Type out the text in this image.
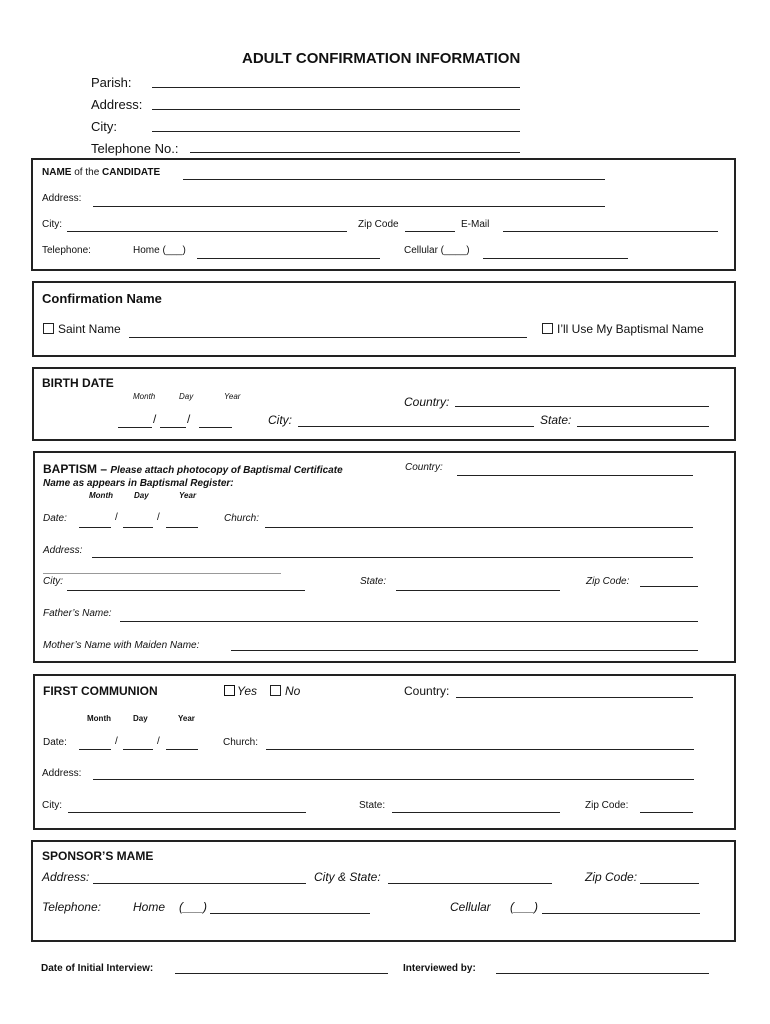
ADULT CONFIRMATION INFORMATION
Parish:
Address:
City:
Telephone No.:
NAME of the CANDIDATE
Address:
City:	Zip Code	E-Mail
Telephone:	Home (___)	Cellular (____)
Confirmation Name
Saint Name	I’ll Use My Baptismal Name
BIRTH DATE
Month	Day	Year	Country:
/	/	City:	State:
BAPTISM – Please attach photocopy of Baptismal Certificate	Country:
Name as appears in Baptismal Register:
Month	Day	Year
Date:	/	/	Church:
Address:
City:	State:	Zip Code:
Father’s Name:
Mother’s Name with Maiden Name:
FIRST COMMUNION	Yes	No	Country:
Month	Day	Year
Date:	/	/	Church:
Address:
City:	State:	Zip Code:
SPONSOR’S MAME
Address:	City & State:	Zip Code:
Telephone:	Home (___)	Cellular (___)
Date of Initial Interview:	Interviewed by:
